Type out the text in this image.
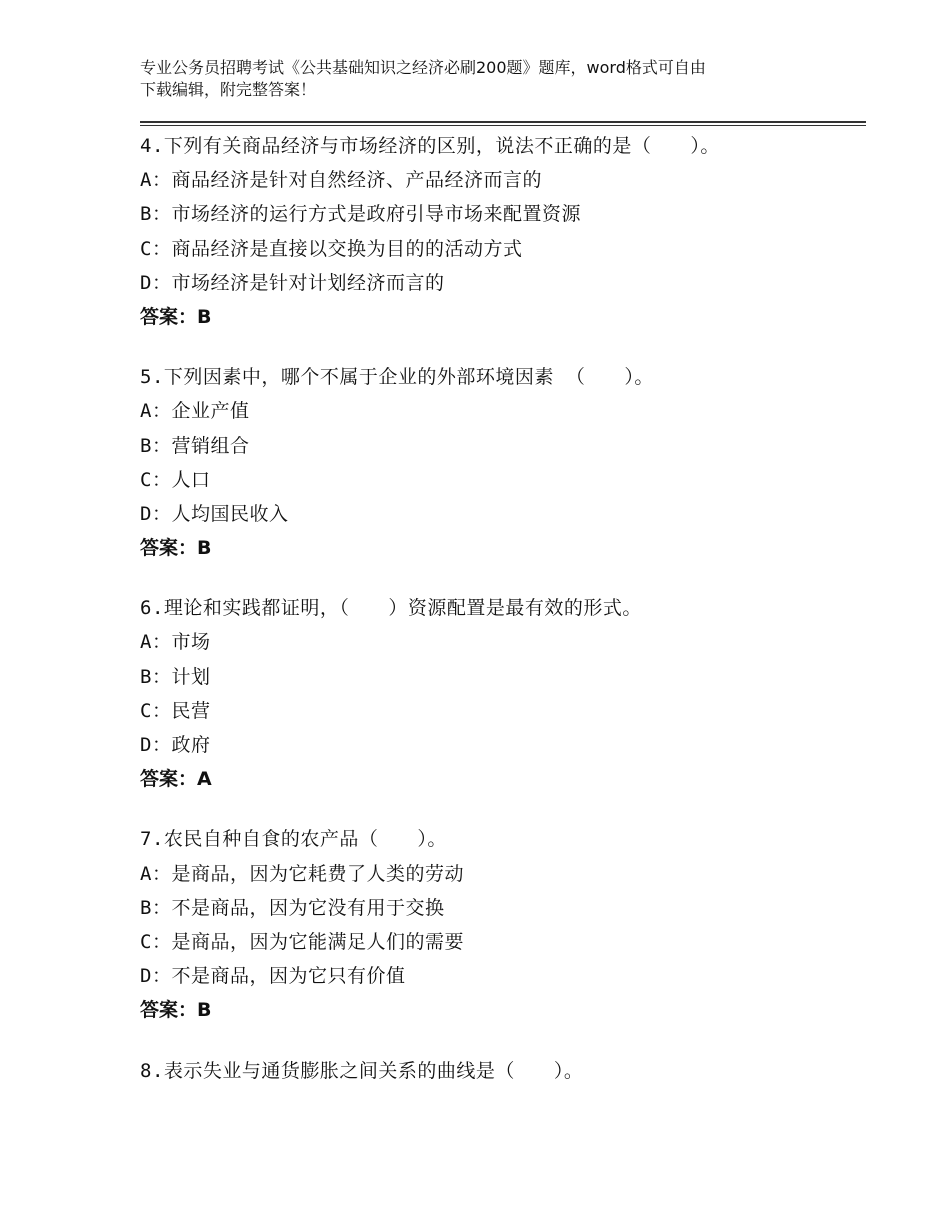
专业公务员招聘考试《公共基础知识之经济必刷200题》题库，word格式可自由
下载编辑，附完整答案！
4.下列有关商品经济与市场经济的区别，说法不正确的是（　　）。
A：商品经济是针对自然经济、产品经济而言的
B：市场经济的运行方式是政府引导市场来配置资源
C：商品经济是直接以交换为目的的活动方式
D：市场经济是针对计划经济而言的
答案：B
5.下列因素中，哪个不属于企业的外部环境因素 （　　）。
A：企业产值
B：营销组合
C：人口
D：人均国民收入
答案：B
6.理论和实践都证明，（　　）资源配置是最有效的形式。
A：市场
B：计划
C：民营
D：政府
答案：A
7.农民自种自食的农产品（　　）。
A：是商品，因为它耗费了人类的劳动
B：不是商品，因为它没有用于交换
C：是商品，因为它能满足人们的需要
D：不是商品，因为它只有价值
答案：B
8.表示失业与通货膨胀之间关系的曲线是（　　）。
